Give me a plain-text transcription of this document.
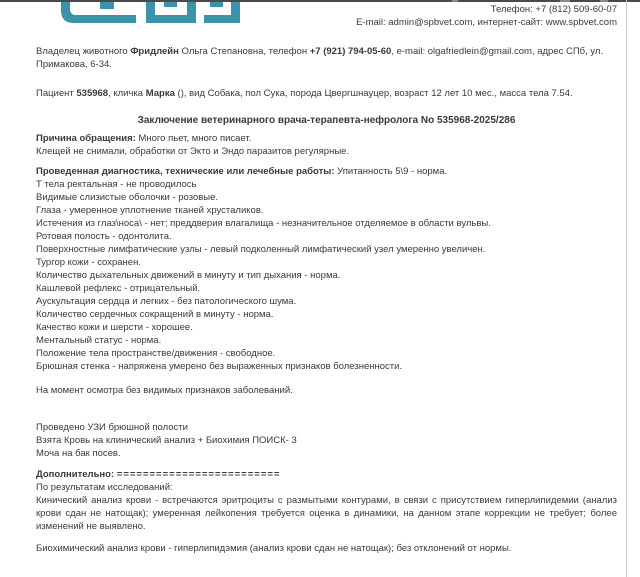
Телефон: +7 (812) 509-60-07
E-mail: admin@spbvet.com, интернет-сайт: www.spbvet.com

Владелец животного Фридлейн Ольга Степановна, телефон +7 (921) 794-05-60, e-mail: olgafriedlein@gmail.com, адрес СПб, ул. Примакова, 6-34.

Пациент 535968, кличка Марка (), вид Собака, пол Сука, порода Цвергшнауцер, возраст 12 лет 10 мес., масса тела 7.54.

Заключение ветеринарного врача-терапевта-нефролога No 535968-2025/286
Причина обращения: Много пьет, много писает.
Клещей не снимали, обработки от Экто и Эндо паразитов регулярные.
Проведенная диагностика, технические или лечебные работы: Упитанность 5\9 - норма.
Т тела ректальная - не проводилось
Видимые слизистые оболочки - розовые.
Глаза - умеренное уплотнение тканей хрусталиков.
Истечения из глаз\носа\ - нет; преддверия влагалища - незначительное отделяемое в области вульвы.
Ротовая полость - одонтолита.
Поверхностные лимфатические узлы - левый подколенный лимфатический узел умеренно увеличен.
Тургор кожи - сохранен.
Количество дыхательных движений в минуту и тип дыхания - норма.
Кашлевой рефлекс - отрицательный.
Аускультация сердца и легких - без патологического шума.
Количество сердечных сокращений в минуту - норма.
Качество кожи и шерсти - хорошее.
Ментальный статус - норма.
Положение тела пространстве/движения - свободное.
Брюшная стенка - напряжена умерено без выраженных признаков болезненности.
На момент осмотра без видимых признаков заболеваний.
Проведено УЗИ брюшной полости
Взята Кровь на клинический анализ + Биохимия ПОИСК- 3
Моча на бак посев.
Дополнительно: =========================
По результатам исследований:

Кинический анализ крови - встречаются эритроциты с размытыми контурами, в связи с присутствием гиперлипидемии (анализ крови сдан не натощак); умеренная лейкопения требуется оценка в динамики, на данном этапе коррекции не требует; более изменений не выявлено.

Биохимический анализ крови - гиперлипидэмия (анализ крови сдан не натощак); без отклонений от нормы.
